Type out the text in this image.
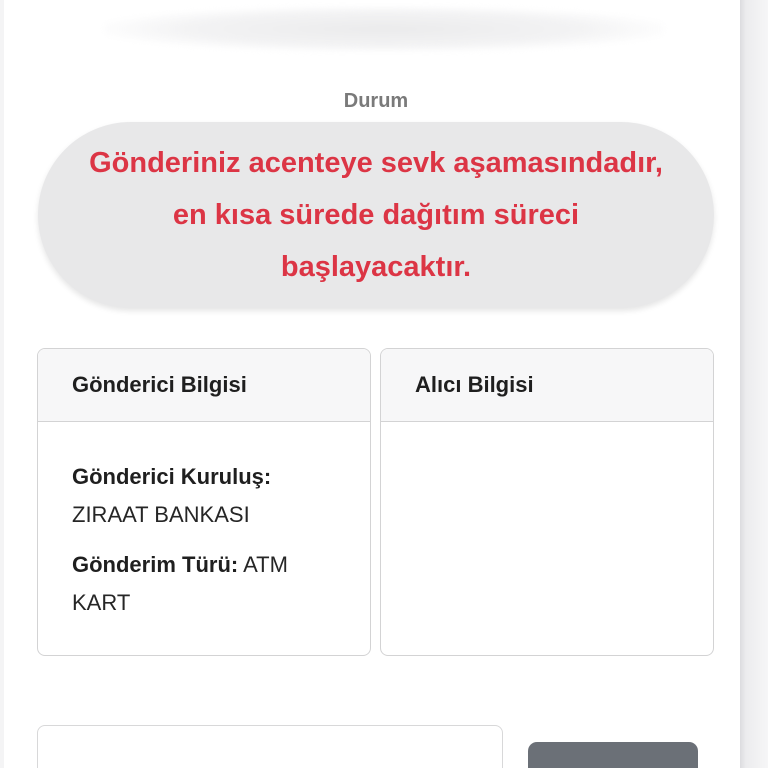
Durum
Gönderiniz acenteye sevk aşamasındadır,
en kısa sürede dağıtım süreci
başlayacaktır.
Gönderici Bilgisi
Gönderici Kuruluş:
ZIRAAT BANKASI
Gönderim Türü: ATM KART
Alıcı Bilgisi
